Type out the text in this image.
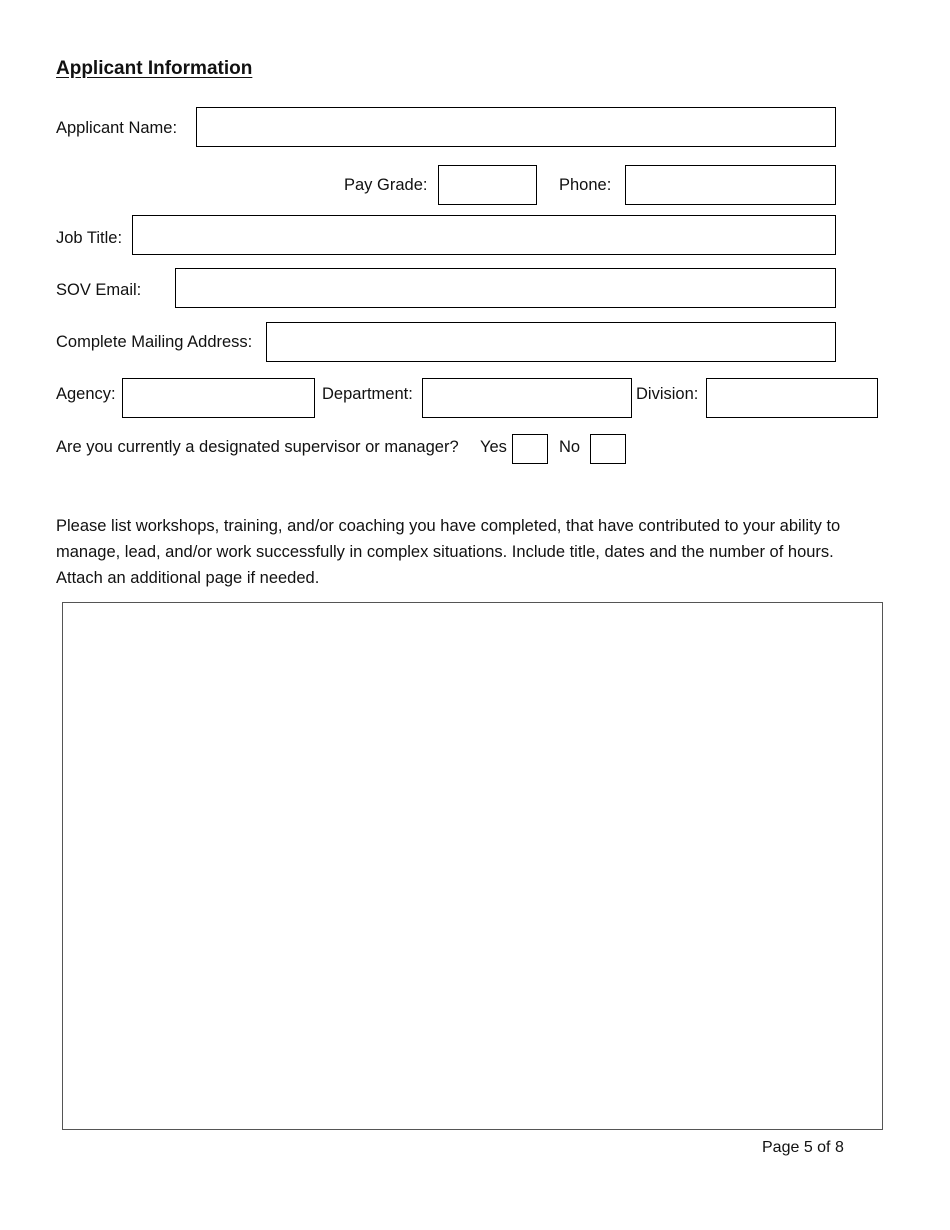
Applicant Information
Applicant Name:
Pay Grade:	Phone:
Job Title:
SOV Email:
Complete Mailing Address:
Agency:	Department:	Division:
Are you currently a designated supervisor or manager? Yes	No
Please list workshops, training, and/or coaching you have completed, that have contributed to your ability to
manage, lead, and/or work successfully in complex situations. Include title, dates and the number of hours.
Attach an additional page if needed.
Page 5 of 8
